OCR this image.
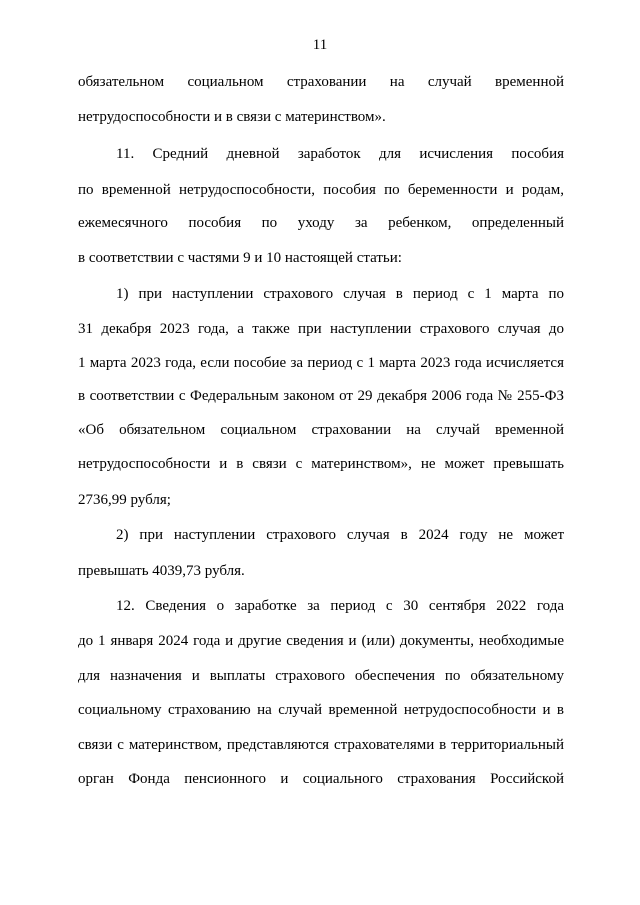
11
обязательном социальном страховании на случай временной
нетрудоспособности и в связи с материнством».
11. Средний дневной заработок для исчисления пособия
по временной нетрудоспособности, пособия по беременности и родам,
ежемесячного пособия по уходу за ребенком, определенный
в соответствии с частями 9 и 10 настоящей статьи:
1) при наступлении страхового случая в период с 1 марта по
31 декабря 2023 года, а также при наступлении страхового случая до
1 марта 2023 года, если пособие за период с 1 марта 2023 года исчисляется
в соответствии с Федеральным законом от 29 декабря 2006 года № 255-ФЗ
«Об обязательном социальном страховании на случай временной
нетрудоспособности и в связи с материнством», не может превышать
2736,99 рубля;
2) при наступлении страхового случая в 2024 году не может
превышать 4039,73 рубля.
12. Сведения о заработке за период с 30 сентября 2022 года
до 1 января 2024 года и другие сведения и (или) документы, необходимые
для назначения и выплаты страхового обеспечения по обязательному
социальному страхованию на случай временной нетрудоспособности и в
связи с материнством, представляются страхователями в территориальный
орган Фонда пенсионного и социального страхования Российской
